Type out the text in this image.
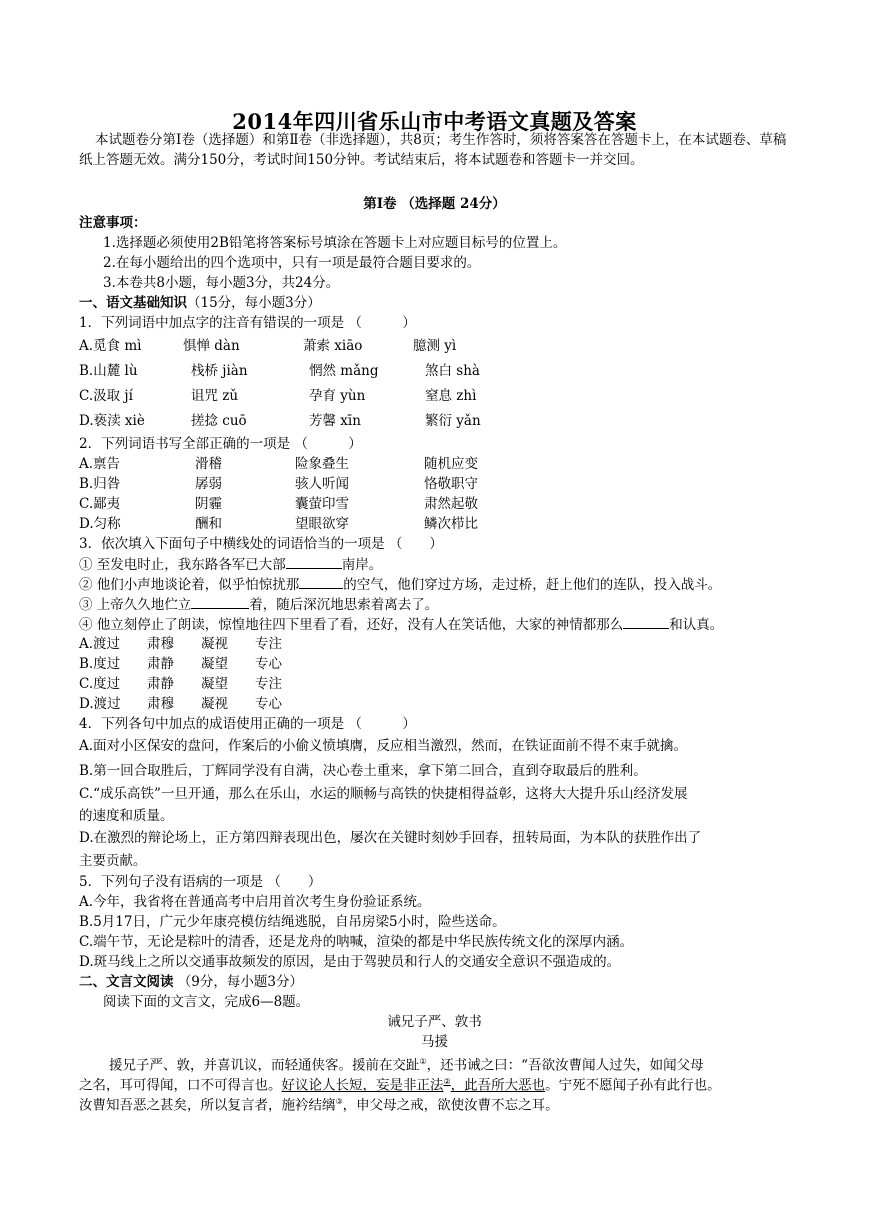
2014年四川省乐山市中考语文真题及答案
本试题卷分第Ⅰ卷（选择题）和第Ⅱ卷（非选择题），共8页；考生作答时，须将答案答在答题卡上，在本试题卷、草稿纸上答题无效。满分150分，考试时间150分钟。考试结束后，将本试题卷和答题卡一并交回。
第Ⅰ卷 （选择题 24分）
注意事项：
1.选择题必须使用2B铅笔将答案标号填涂在答题卡上对应题目标号的位置上。
2.在每小题给出的四个选项中，只有一项是最符合题目要求的。
3.本卷共8小题，每小题3分，共24分。
一、语文基础知识（15分，每小题3分）
1．下列词语中加点字的注音有错误的一项是 （　　　）
A.觅食 mì	惧惮 dàn	萧索 xiāo	臆测 yì
B.山麓 lù	栈桥 jiàn	惘然 mǎng	煞白 shà
C.汲取 jí	诅咒 zǔ	孕育 yùn	窒息 zhì
D.亵渎 xiè	搓捻 cuō	芳馨 xīn	繁衍 yǎn
2．下列词语书写全部正确的一项是 （　　　）
A.禀告	滑稽	险象叠生	随机应变
B.归咎	孱弱	骇人听闻	恪敬职守
C.鄙夷	阴霾	囊萤印雪	肃然起敬
D.匀称	酬和	望眼欲穿	鳞次栉比
3．依次填入下面句子中横线处的词语恰当的一项是 （　　）
① 至发电时止，我东路各军已大部	南岸。
② 他们小声地谈论着，似乎怕惊扰那	的空气，他们穿过方场，走过桥，赶上他们的连队，投入战斗。
③ 上帝久久地伫立	着，随后深沉地思索着离去了。
④ 他立刻停止了朗读，惊惶地往四下里看了看，还好，没有人在笑话他，大家的神情都那么	和认真。
A.渡过 肃穆 凝视 专注
B.度过 肃静 凝望 专心
C.度过 肃静 凝望 专注
D.渡过 肃穆 凝视 专心
4．下列各句中加点的成语使用正确的一项是 （　　　）
A.面对小区保安的盘问，作案后的小偷义愤填膺，反应相当激烈，然而，在铁证面前不得不束手就擒。
B.第一回合取胜后，丁辉同学没有自满，决心卷土重来，拿下第二回合，直到夺取最后的胜利。
C.“成乐高铁”一旦开通，那么在乐山，水运的顺畅与高铁的快捷相得益彰，这将大大提升乐山经济发展
的速度和质量。
D.在激烈的辩论场上，正方第四辩表现出色，屡次在关键时刻妙手回春，扭转局面，为本队的获胜作出了
主要贡献。
5．下列句子没有语病的一项是 （　　）
A.今年，我省将在普通高考中启用首次考生身份验证系统。
B.5月17日，广元少年康亮模仿结绳逃脱，自吊房梁5小时，险些送命。
C.端午节，无论是粽叶的清香，还是龙舟的呐喊，渲染的都是中华民族传统文化的深厚内涵。
D.斑马线上之所以交通事故频发的原因，是由于驾驶员和行人的交通安全意识不强造成的。
二、文言文阅读 （9分，每小题3分）
阅读下面的文言文，完成6—8题。
诫兄子严、敦书
马援
援兄子严、敦，并喜讥议，而轻通侠客。援前在交趾①，还书诫之曰：“吾欲汝曹闻人过失，如闻父母
之名，耳可得闻，口不可得言也。好议论人长短，妄是非正法②，此吾所大恶也。宁死不愿闻子孙有此行也。
汝曹知吾恶之甚矣，所以复言者，施衿结缡③，申父母之戒，欲使汝曹不忘之耳。
